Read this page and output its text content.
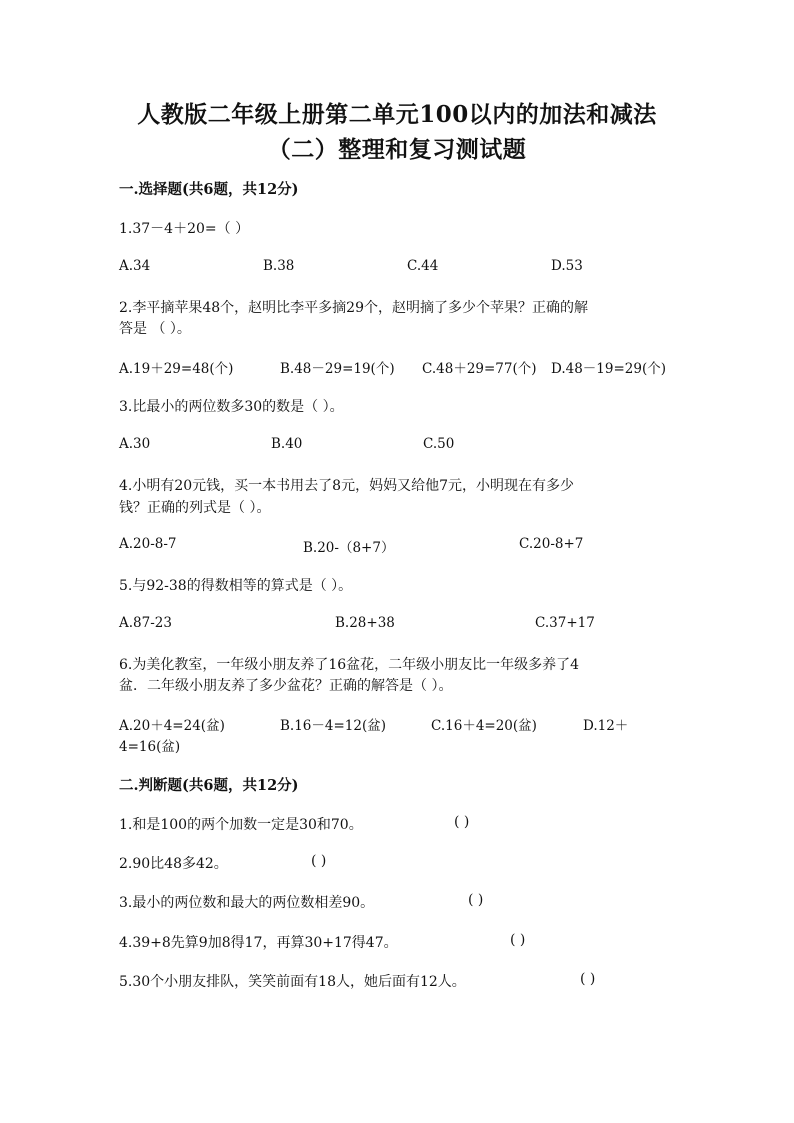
人教版二年级上册第二单元100以内的加法和减法
（二）整理和复习测试题
一.选择题(共6题，共12分)
1.37－4＋20=（ ）
A.34	B.38	C.44	D.53
2.李平摘苹果48个，赵明比李平多摘29个，赵明摘了多少个苹果？正确的解
答是 （ ）。
A.19＋29=48(个)	B.48－29=19(个) C.48＋29=77(个) D.48－19=29(个)
3.比最小的两位数多30的数是（ ）。
A.30	B.40	C.50
4.小明有20元钱，买一本书用去了8元，妈妈又给他7元，小明现在有多少
钱？正确的列式是（ ）。
A.20-8-7	B.20-（8+7）	C.20-8+7
5.与92-38的得数相等的算式是（ ）。
A.87-23	B.28+38	C.37+17
6.为美化教室，一年级小朋友养了16盆花，二年级小朋友比一年级多养了4
盆．二年级小朋友养了多少盆花？正确的解答是（ ）。
A.20＋4=24(盆)	B.16－4=12(盆)	C.16＋4=20(盆)	D.12＋
4=16(盆)
二.判断题(共6题，共12分)
1.和是100的两个加数一定是30和70。	( )
2.90比48多42。	( )
3.最小的两位数和最大的两位数相差90。	( )
4.39+8先算9加8得17，再算30+17得47。	( )
5.30个小朋友排队，笑笑前面有18人，她后面有12人。	( )
